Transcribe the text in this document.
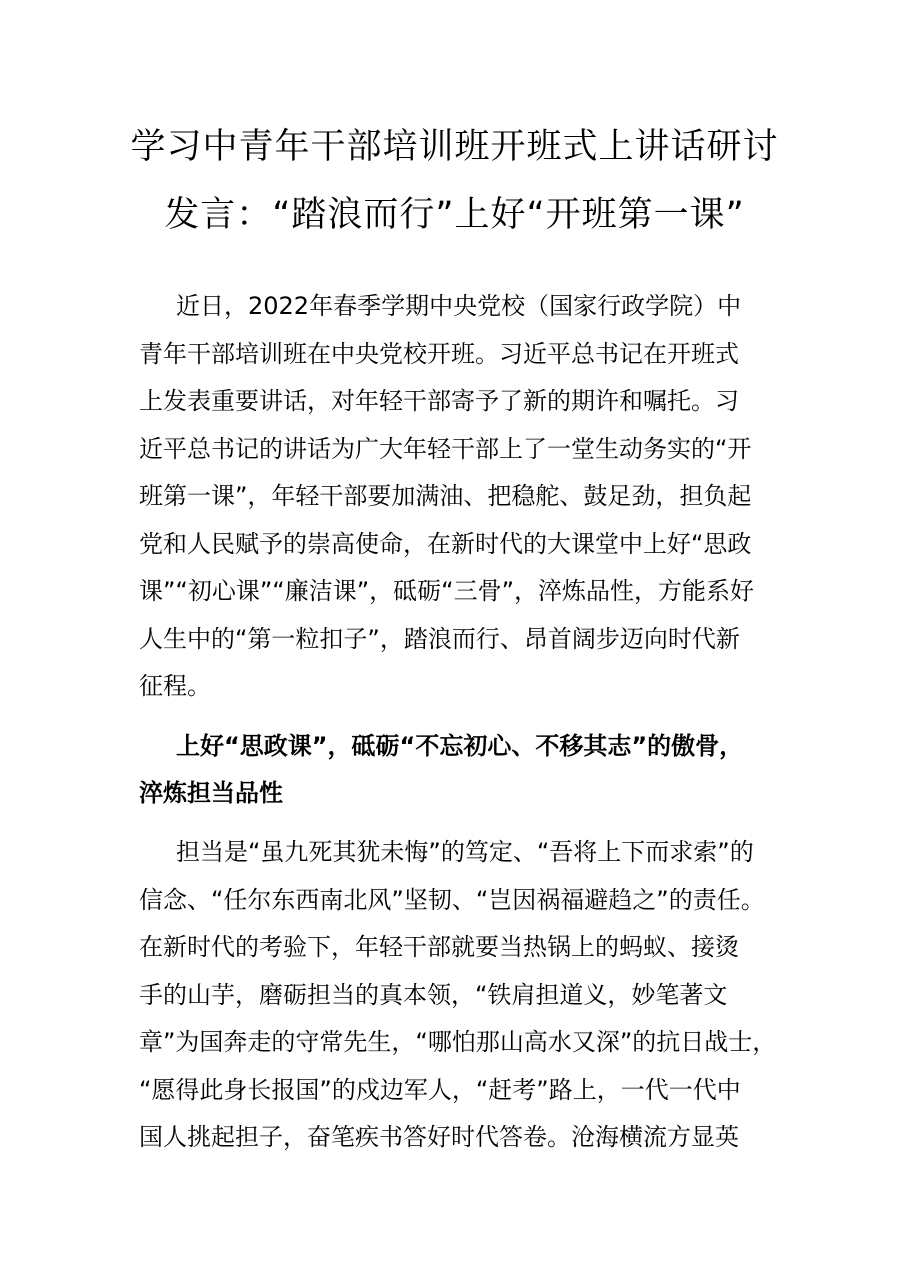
学习中青年干部培训班开班式上讲话研讨
发言：“踏浪而行”上好“开班第一课”
近日，2022年春季学期中央党校（国家行政学院）中
青年干部培训班在中央党校开班。习近平总书记在开班式
上发表重要讲话，对年轻干部寄予了新的期许和嘱托。习
近平总书记的讲话为广大年轻干部上了一堂生动务实的“开
班第一课”，年轻干部要加满油、把稳舵、鼓足劲，担负起
党和人民赋予的崇高使命，在新时代的大课堂中上好“思政
课”“初心课”“廉洁课”，砥砺“三骨”，淬炼品性，方能系好
人生中的“第一粒扣子”，踏浪而行、昂首阔步迈向时代新
征程。
上好“思政课”，砥砺“不忘初心、不移其志”的傲骨，
淬炼担当品性
担当是“虽九死其犹未悔”的笃定、“吾将上下而求索”的
信念、“任尔东西南北风”坚韧、“岂因祸福避趋之”的责任。
在新时代的考验下，年轻干部就要当热锅上的蚂蚁、接烫
手的山芋，磨砺担当的真本领，“铁肩担道义，妙笔著文
章”为国奔走的守常先生，“哪怕那山高水又深”的抗日战士，
“愿得此身长报国”的戍边军人，“赶考”路上，一代一代中
国人挑起担子，奋笔疾书答好时代答卷。沧海横流方显英
